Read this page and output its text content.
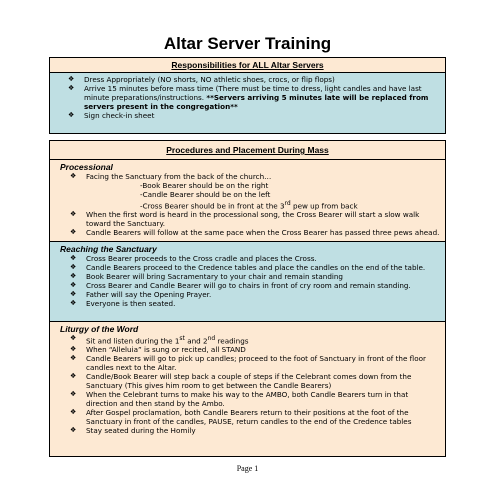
Altar Server Training
Responsibilities for ALL Altar Servers
❖ Dress Appropriately (NO shorts, NO athletic shoes, crocs, or flip flops)
❖ Arrive 15 minutes before mass time (There must be time to dress, light candles and have last minute preparations/instructions. **Servers arriving 5 minutes late will be replaced from servers present in the congregation**
❖ Sign check-in sheet
Procedures and Placement During Mass
Processional
❖ Facing the Sanctuary from the back of the church…
-Book Bearer should be on the right
-Candle Bearer should be on the left
-Cross Bearer should be in front at the 3rd pew up from back
❖ When the first word is heard in the processional song, the Cross Bearer will start a slow walk toward the Sanctuary.
❖ Candle Bearers will follow at the same pace when the Cross Bearer has passed three pews ahead.
Reaching the Sanctuary
❖ Cross Bearer proceeds to the Cross cradle and places the Cross.
❖ Candle Bearers proceed to the Credence tables and place the candles on the end of the table.
❖ Book Bearer will bring Sacramentary to your chair and remain standing
❖ Cross Bearer and Candle Bearer will go to chairs in front of cry room and remain standing.
❖ Father will say the Opening Prayer.
❖ Everyone is then seated.
Liturgy of the Word
❖ Sit and listen during the 1st and 2nd readings
❖ When “Alleluia” is sung or recited, all STAND
❖ Candle Bearers will go to pick up candles; proceed to the foot of Sanctuary in front of the floor candles next to the Altar.
❖ Candle/Book Bearer will step back a couple of steps if the Celebrant comes down from the Sanctuary (This gives him room to get between the Candle Bearers)
❖ When the Celebrant turns to make his way to the AMBO, both Candle Bearers turn in that direction and then stand by the Ambo.
❖ After Gospel proclamation, both Candle Bearers return to their positions at the foot of the Sanctuary in front of the candles, PAUSE, return candles to the end of the Credence tables
❖ Stay seated during the Homily
Page 1
